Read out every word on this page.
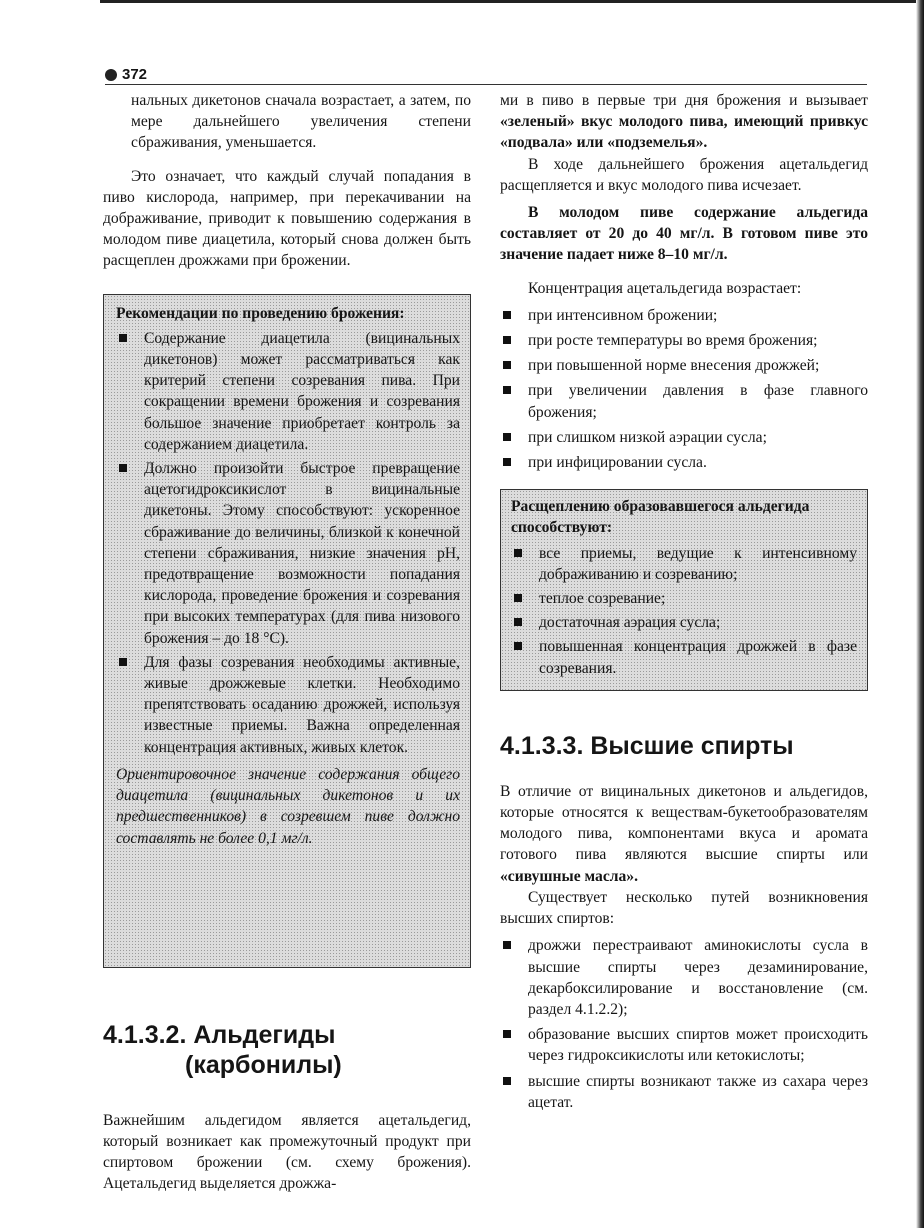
372

нальных дикетонов сначала возрастает, а затем, по мере дальнейшего увеличения степени сбраживания, уменьшается.

Это означает, что каждый случай попадания в пиво кислорода, например, при перекачивании на дображивание, приводит к повышению содержания в молодом пиве диацетила, который снова должен быть расщеплен дрожжами при брожении.

Рекомендации по проведению брожения:
Содержание диацетила (вицинальных дикетонов) может рассматриваться как критерий степени созревания пива. При сокращении времени брожения и созревания большое значение приобретает контроль за содержанием диацетила.
Должно произойти быстрое превращение ацетогидроксикислот в вицинальные дикетоны. Этому способствуют: ускоренное сбраживание до величины, близкой к конечной степени сбраживания, низкие значения pH, предотвращение возможности попадания кислорода, проведение брожения и созревания при высоких температурах (для пива низового брожения – до 18 °С).
Для фазы созревания необходимы активные, живые дрожжевые клетки. Необходимо препятствовать осаданию дрожжей, используя известные приемы. Важна определенная концентрация активных, живых клеток.

Ориентировочное значение содержания общего диацетила (вицинальных дикетонов и их предшественников) в созревшем пиве должно составлять не более 0,1 мг/л.

4.1.3.2. Альдегиды
(карбонилы)

Важнейшим альдегидом является ацетальдегид, который возникает как промежуточный продукт при спиртовом брожении (см. схему брожения). Ацетальдегид выделяется дрожжа-

ми в пиво в первые три дня брожения и вызывает «зеленый» вкус молодого пива, имеющий привкус «подвала» или «подземелья».

В ходе дальнейшего брожения ацетальдегид расщепляется и вкус молодого пива исчезает.

В молодом пиве содержание альдегида составляет от 20 до 40 мг/л. В готовом пиве это значение падает ниже 8–10 мг/л.

Концентрация ацетальдегида возрастает:

при интенсивном брожении;
при росте температуры во время брожения;
при повышенной норме внесения дрожжей;
при увеличении давления в фазе главного брожения;
при слишком низкой аэрации сусла;
при инфицировании сусла.
Расщеплению образовавшегося альдегида способствуют:
все приемы, ведущие к интенсивному дображиванию и созреванию;
теплое созревание;
достаточная аэрация сусла;
повышенная концентрация дрожжей в фазе созревания.
4.1.3.3. Высшие спирты

В отличие от вицинальных дикетонов и альдегидов, которые относятся к веществам-букетообразователям молодого пива, компонентами вкуса и аромата готового пива являются высшие спирты или «сивушные масла».

Существует несколько путей возникновения высших спиртов:

дрожжи перестраивают аминокислоты сусла в высшие спирты через дезаминирование, декарбоксилирование и восстановление (см. раздел 4.1.2.2);
образование высших спиртов может происходить через гидроксикислоты или кетокислоты;
высшие спирты возникают также из сахара через ацетат.
